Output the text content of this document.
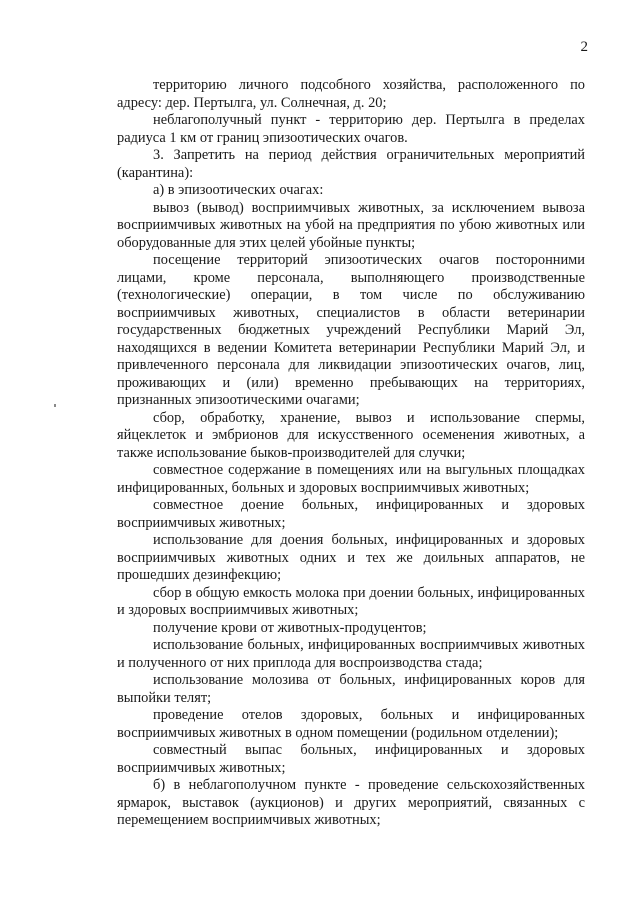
2

территорию личного подсобного хозяйства, расположенного по адресу: дер. Пертылга, ул. Солнечная, д. 20;

неблагополучный пункт - территорию дер. Пертылга в пределах радиуса 1 км от границ эпизоотических очагов.

3. Запретить на период действия ограничительных мероприятий (карантина):

а) в эпизоотических очагах:

вывоз (вывод) восприимчивых животных, за исключением вывоза восприимчивых животных на убой на предприятия по убою животных или оборудованные для этих целей убойные пункты;

посещение территорий эпизоотических очагов посторонними лицами, кроме персонала, выполняющего производственные (технологические) операции, в том числе по обслуживанию восприимчивых животных, специалистов в области ветеринарии государственных бюджетных учреждений Республики Марий Эл, находящихся в ведении Комитета ветеринарии Республики Марий Эл, и привлеченного персонала для ликвидации эпизоотических очагов, лиц, проживающих и (или) временно пребывающих на территориях, признанных эпизоотическими очагами;

сбор, обработку, хранение, вывоз и использование спермы, яйцеклеток и эмбрионов для искусственного осеменения животных, а также использование быков-производителей для случки;

совместное содержание в помещениях или на выгульных площадках инфицированных, больных и здоровых восприимчивых животных;

совместное доение больных, инфицированных и здоровых восприимчивых животных;

использование для доения больных, инфицированных и здоровых восприимчивых животных одних и тех же доильных аппаратов, не прошедших дезинфекцию;

сбор в общую емкость молока при доении больных, инфицированных и здоровых восприимчивых животных;

получение крови от животных-продуцентов;

использование больных, инфицированных восприимчивых животных и полученного от них приплода для воспроизводства стада;

использование молозива от больных, инфицированных коров для выпойки телят;

проведение отелов здоровых, больных и инфицированных восприимчивых животных в одном помещении (родильном отделении);

совместный выпас больных, инфицированных и здоровых восприимчивых животных;

б) в неблагополучном пункте - проведение сельскохозяйственных ярмарок, выставок (аукционов) и других мероприятий, связанных с перемещением восприимчивых животных;
